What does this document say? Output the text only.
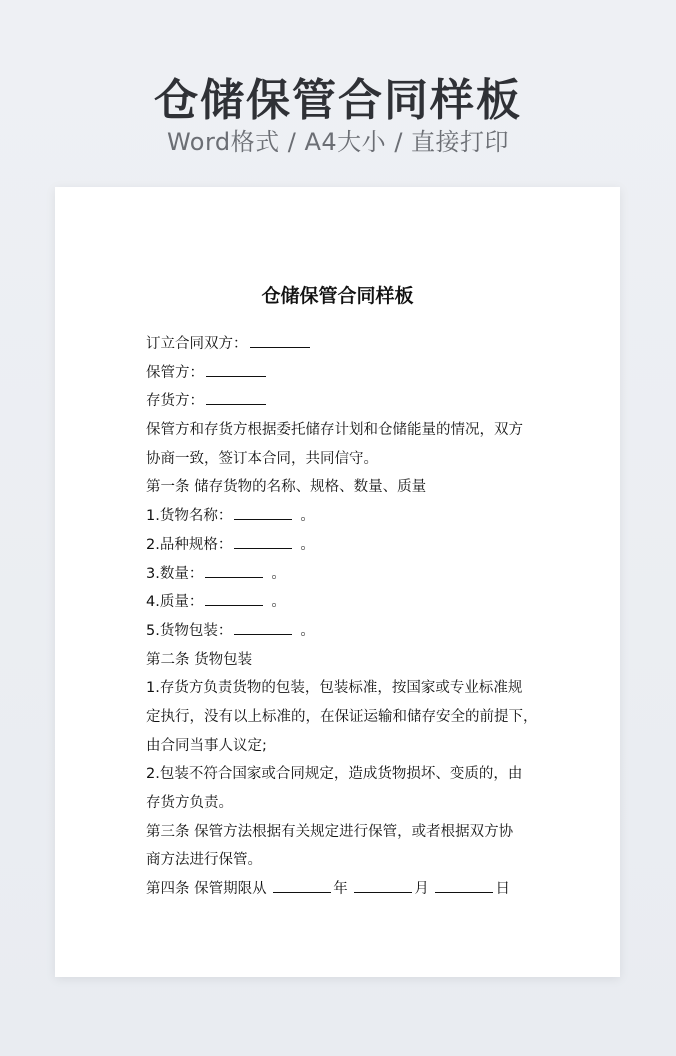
仓储保管合同样板
Word格式 / A4大小 / 直接打印
仓储保管合同样板
订立合同双方：
保管方：
存货方：
保管方和存货方根据委托储存计划和仓储能量的情况，双方
协商一致，签订本合同，共同信守。
第一条 储存货物的名称、规格、数量、质量
1.货物名称：	。
2.品种规格：	。
3.数量：	。
4.质量：	。
5.货物包装：	。
第二条 货物包装
1.存货方负责货物的包装，包装标准，按国家或专业标准规
定执行，没有以上标准的，在保证运输和储存安全的前提下，
由合同当事人议定;
2.包装不符合国家或合同规定，造成货物损坏、变质的，由
存货方负责。
第三条 保管方法根据有关规定进行保管，或者根据双方协
商方法进行保管。
第四条 保管期限从	年	月	日
